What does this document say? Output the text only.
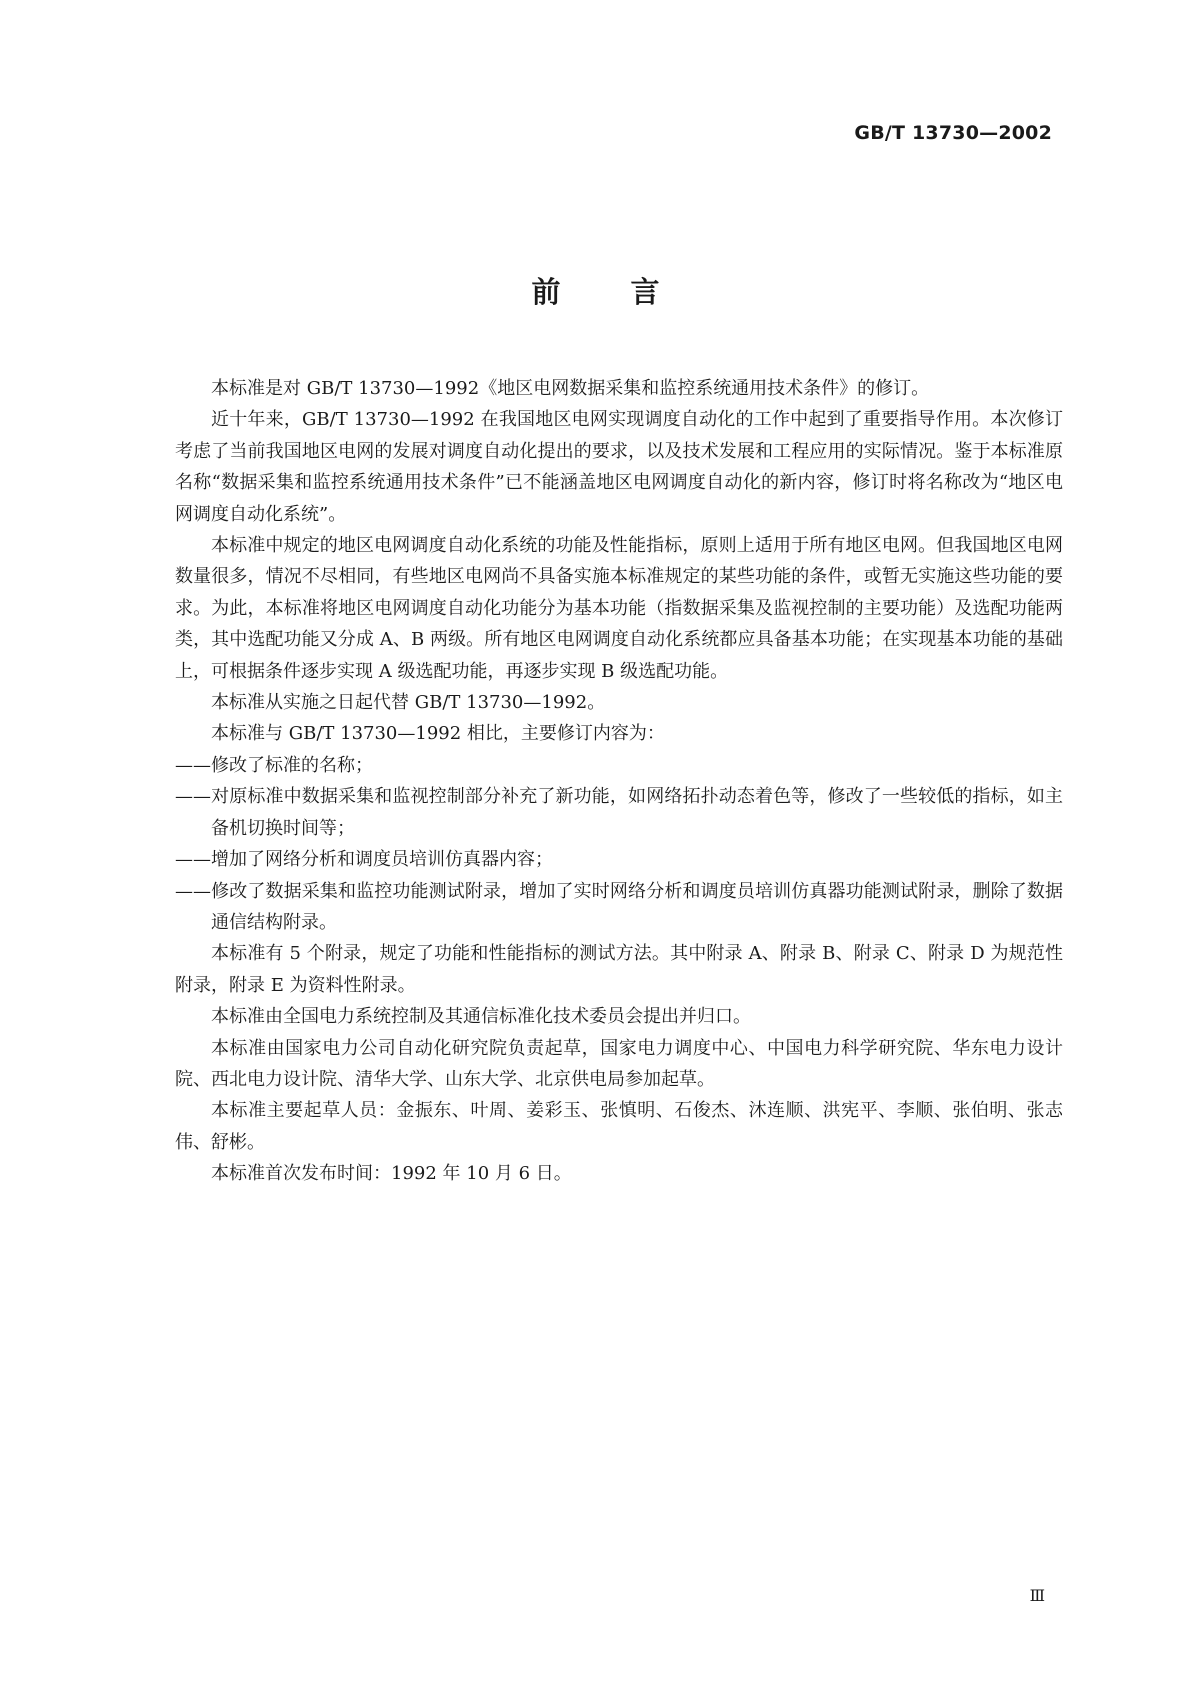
GB/T 13730—2002
前言

本标准是对 GB/T 13730—1992《地区电网数据采集和监控系统通用技术条件》的修订。

近十年来，GB/T 13730—1992 在我国地区电网实现调度自动化的工作中起到了重要指导作用。本次修订考虑了当前我国地区电网的发展对调度自动化提出的要求，以及技术发展和工程应用的实际情况。鉴于本标准原名称“数据采集和监控系统通用技术条件”已不能涵盖地区电网调度自动化的新内容，修订时将名称改为“地区电网调度自动化系统”。

本标准中规定的地区电网调度自动化系统的功能及性能指标，原则上适用于所有地区电网。但我国地区电网数量很多，情况不尽相同，有些地区电网尚不具备实施本标准规定的某些功能的条件，或暂无实施这些功能的要求。为此，本标准将地区电网调度自动化功能分为基本功能（指数据采集及监视控制的主要功能）及选配功能两类，其中选配功能又分成 A、B 两级。所有地区电网调度自动化系统都应具备基本功能；在实现基本功能的基础上，可根据条件逐步实现 A 级选配功能，再逐步实现 B 级选配功能。

本标准从实施之日起代替 GB/T 13730—1992。

本标准与 GB/T 13730—1992 相比，主要修订内容为：

——修改了标准的名称；
——对原标准中数据采集和监视控制部分补充了新功能，如网络拓扑动态着色等，修改了一些较低的指标，如主备机切换时间等；
——增加了网络分析和调度员培训仿真器内容；
——修改了数据采集和监控功能测试附录，增加了实时网络分析和调度员培训仿真器功能测试附录，删除了数据通信结构附录。

本标准有 5 个附录，规定了功能和性能指标的测试方法。其中附录 A、附录 B、附录 C、附录 D 为规范性附录，附录 E 为资料性附录。

本标准由全国电力系统控制及其通信标准化技术委员会提出并归口。

本标准由国家电力公司自动化研究院负责起草，国家电力调度中心、中国电力科学研究院、华东电力设计院、西北电力设计院、清华大学、山东大学、北京供电局参加起草。

本标准主要起草人员：金振东、叶周、姜彩玉、张慎明、石俊杰、沐连顺、洪宪平、李顺、张伯明、张志伟、舒彬。

本标准首次发布时间：1992 年 10 月 6 日。

Ⅲ
